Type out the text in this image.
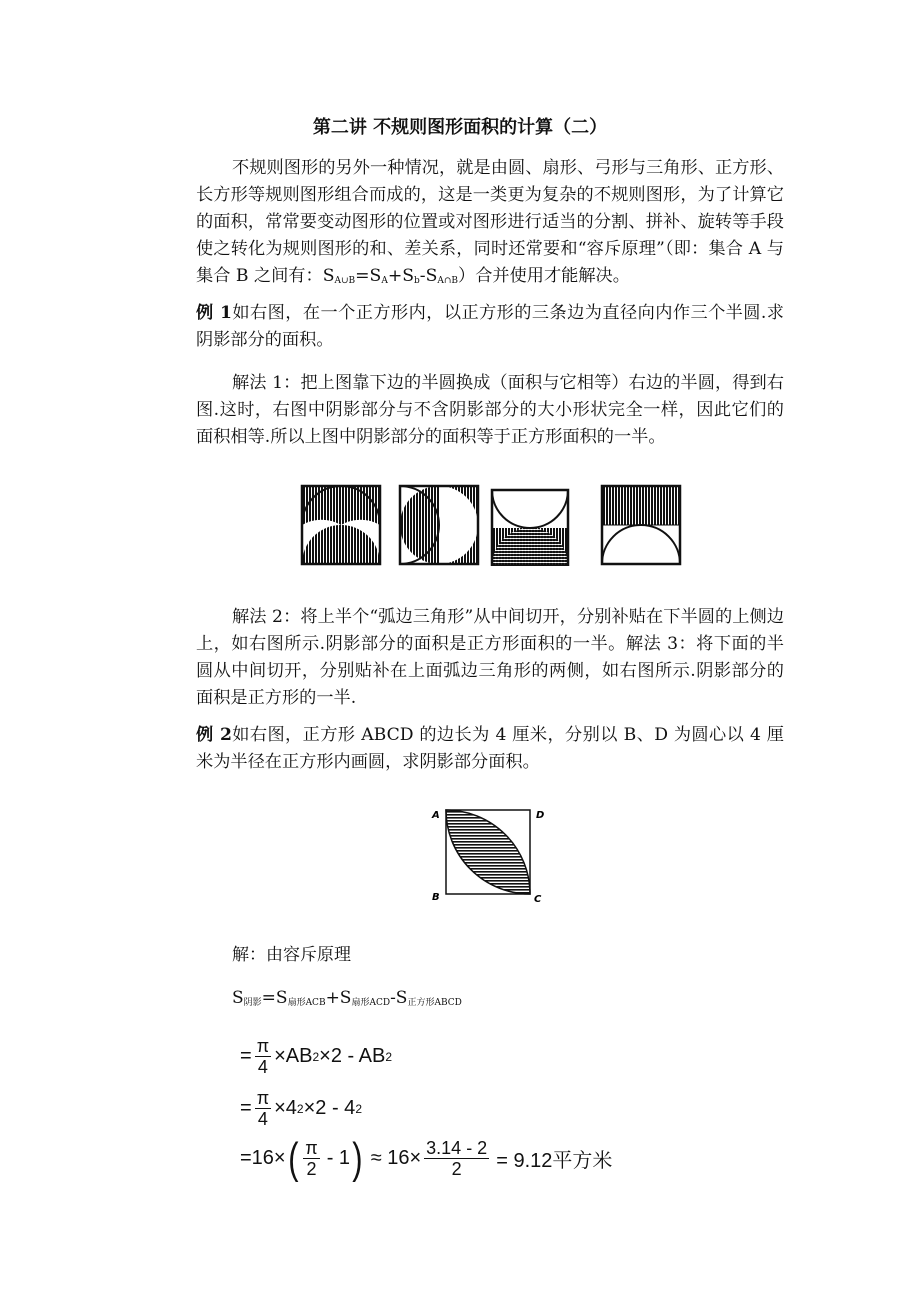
第二讲 不规则图形面积的计算（二）
不规则图形的另外一种情况，就是由圆、扇形、弓形与三角形、正方形、长方形等规则图形组合而成的，这是一类更为复杂的不规则图形，为了计算它的面积，常常要变动图形的位置或对图形进行适当的分割、拼补、旋转等手段使之转化为规则图形的和、差关系，同时还常要和“容斥原理”（即：集合 A 与集合 B 之间有：$S_{A\cup B}=S_A+S_b-S_{A\cap B}$）合并使用才能解决。
例 1如右图，在一个正方形内，以正方形的三条边为直径向内作三个半圆.求阴影部分的面积。
解法 1：把上图靠下边的半圆换成（面积与它相等）右边的半圆，得到右图.这时，右图中阴影部分与不含阴影部分的大小形状完全一样，因此它们的面积相等.所以上图中阴影部分的面积等于正方形面积的一半。
解法 2：将上半个“弧边三角形”从中间切开，分别补贴在下半圆的上侧边上，如右图所示.阴影部分的面积是正方形面积的一半。解法 3：将下面的半圆从中间切开，分别贴补在上面弧边三角形的两侧，如右图所示.阴影部分的面积是正方形的一半.
例 2如右图，正方形 ABCD 的边长为 4 厘米，分别以 B、D 为圆心以 4 厘米为半径在正方形内画圆，求阴影部分面积。
A	D
B	C
解：由容斥原理
$S_{阴影}=S_{扇形ACB}+S_{扇形ACD}-S_{正方形ABCD}$
= $\frac{\pi}{4} \times AB$ 2 ×2 - AB 2
= $\frac{\pi}{4} \times 4$ 2 ×2 - 4 2
=16× ( $\frac{\pi}{2} - 1$ ) ≈ $16\times \frac{3.14 - 2}{2} = 9.12$平方米
